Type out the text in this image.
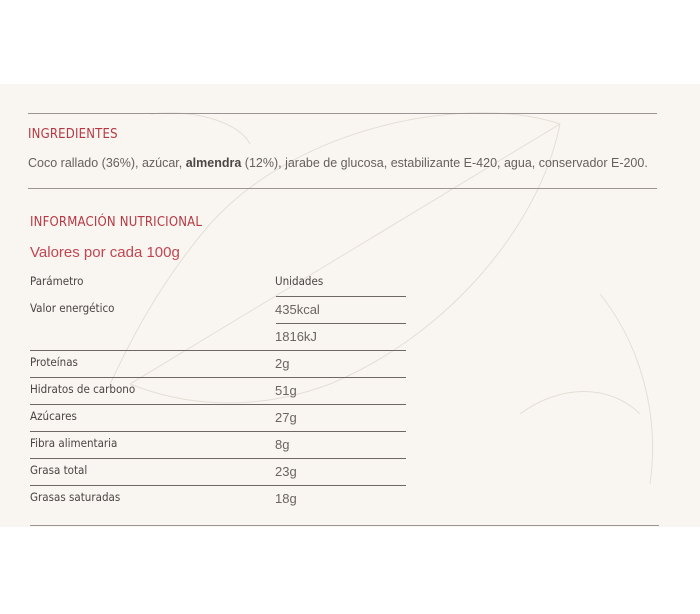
INGREDIENTES

Coco rallado (36%), azúcar, almendra (12%), jarabe de glucosa, estabilizante E-420, agua, conservador E-200.

INFORMACIÓN NUTRICIONAL
Valores por cada 100g
Parámetro	Unidades
Valor energético	435kcal
1816kJ
Proteínas	2g
Hidratos de carbono	51g
Azúcares	27g
Fibra alimentaria	8g
Grasa total	23g
Grasas saturadas	18g
